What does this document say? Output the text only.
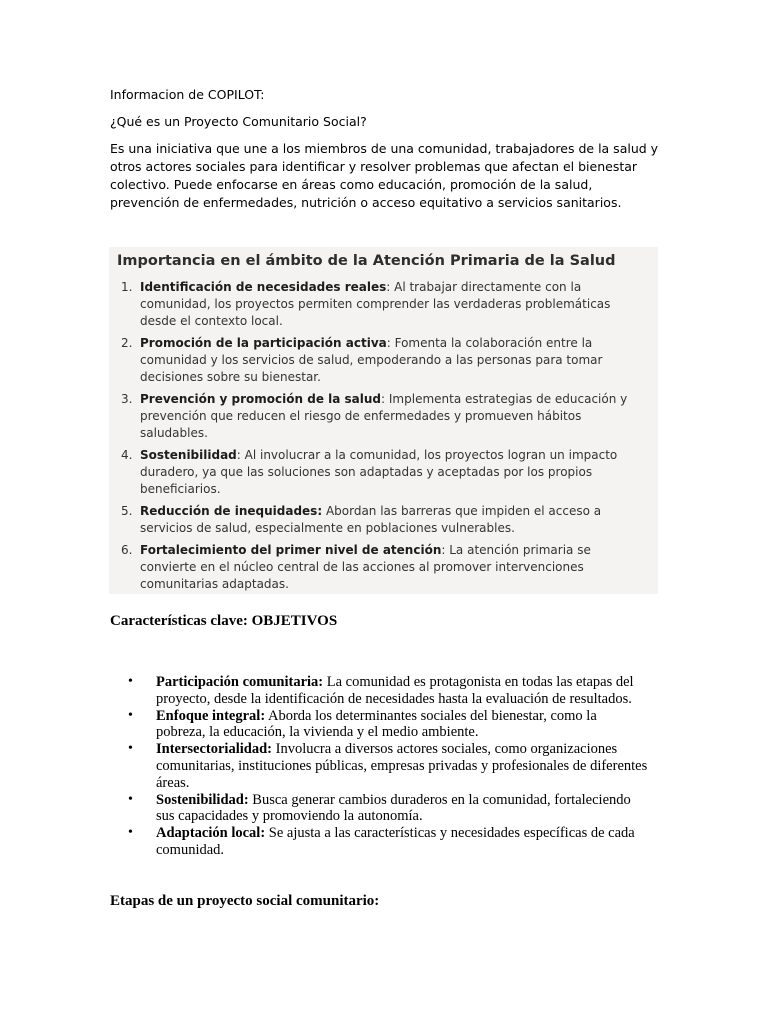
Informacion de COPILOT:
¿Qué es un Proyecto Comunitario Social?
Es una iniciativa que une a los miembros de una comunidad, trabajadores de la salud y otros actores sociales para identificar y resolver problemas que afectan el bienestar colectivo. Puede enfocarse en áreas como educación, promoción de la salud, prevención de enfermedades, nutrición o acceso equitativo a servicios sanitarios.
Importancia en el ámbito de la Atención Primaria de la Salud
1. Identificación de necesidades reales: Al trabajar directamente con la comunidad, los proyectos permiten comprender las verdaderas problemáticas desde el contexto local.
2. Promoción de la participación activa: Fomenta la colaboración entre la comunidad y los servicios de salud, empoderando a las personas para tomar decisiones sobre su bienestar.
3. Prevención y promoción de la salud: Implementa estrategias de educación y prevención que reducen el riesgo de enfermedades y promueven hábitos saludables.
4. Sostenibilidad: Al involucrar a la comunidad, los proyectos logran un impacto duradero, ya que las soluciones son adaptadas y aceptadas por los propios beneficiarios.
5. Reducción de inequidades: Abordan las barreras que impiden el acceso a servicios de salud, especialmente en poblaciones vulnerables.
6. Fortalecimiento del primer nivel de atención: La atención primaria se convierte en el núcleo central de las acciones al promover intervenciones comunitarias adaptadas.
Características clave: OBJETIVOS
• Participación comunitaria: La comunidad es protagonista en todas las etapas del proyecto, desde la identificación de necesidades hasta la evaluación de resultados.
• Enfoque integral: Aborda los determinantes sociales del bienestar, como la pobreza, la educación, la vivienda y el medio ambiente.
• Intersectorialidad: Involucra a diversos actores sociales, como organizaciones comunitarias, instituciones públicas, empresas privadas y profesionales de diferentes áreas.
• Sostenibilidad: Busca generar cambios duraderos en la comunidad, fortaleciendo sus capacidades y promoviendo la autonomía.
• Adaptación local: Se ajusta a las características y necesidades específicas de cada comunidad.
Etapas de un proyecto social comunitario:
